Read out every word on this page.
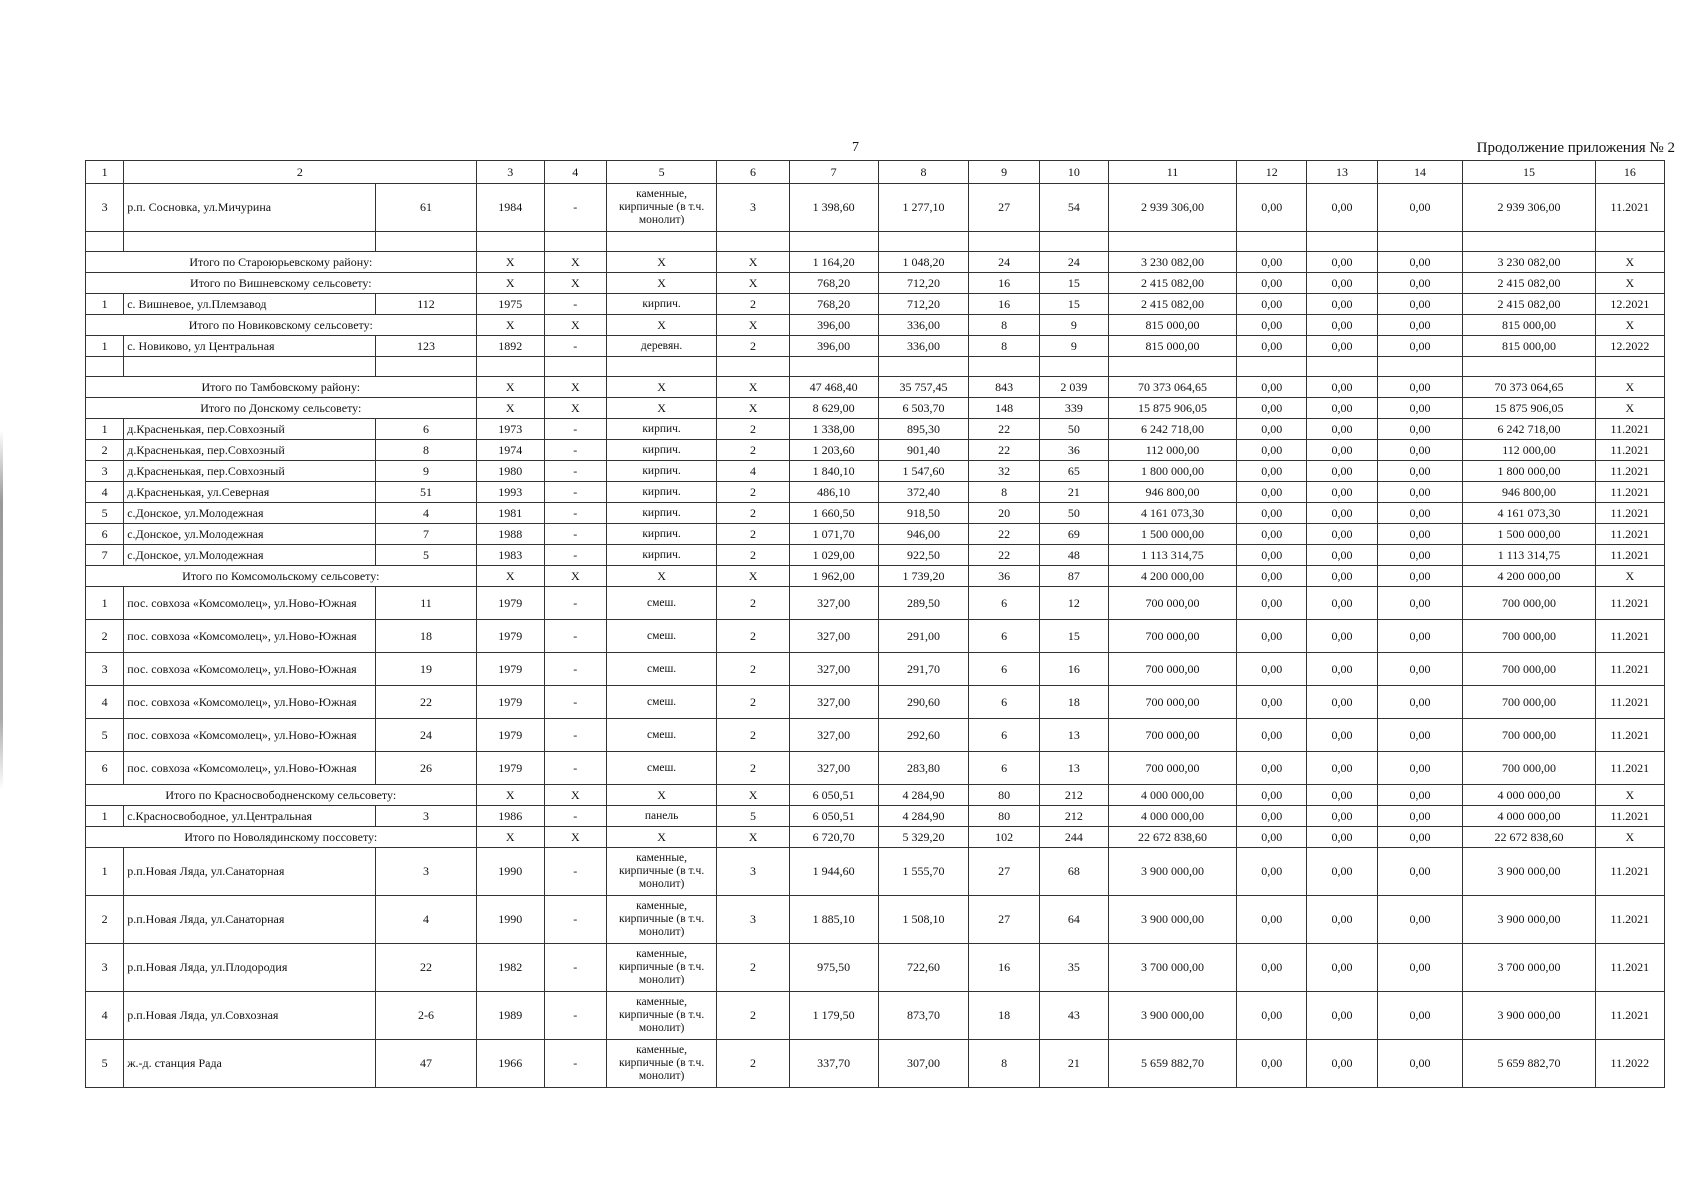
7	Продолжение приложения № 2
1	2		3	4	5	6	7	8	9	10	11	12	13	14	15	16
3	р.п. Сосновка, ул.Мичурина	61	1984	-	каменные, кирпичные (в т.ч. монолит)	3	1 398,60	1 277,10	27	54	2 939 306,00	0,00	0,00	0,00	2 939 306,00	11.2021

Итого по Староюрьевскому району:			X	X	X	X	1 164,20	1 048,20	24	24	3 230 082,00	0,00	0,00	0,00	3 230 082,00	X
Итого по Вишневскому сельсовету:			X	X	X	X	768,20	712,20	16	15	2 415 082,00	0,00	0,00	0,00	2 415 082,00	X
1	с. Вишневое, ул.Племзавод	112	1975	-	кирпич.	2	768,20	712,20	16	15	2 415 082,00	0,00	0,00	0,00	2 415 082,00	12.2021
Итого по Новиковскому сельсовету:			X	X	X	X	396,00	336,00	8	9	815 000,00	0,00	0,00	0,00	815 000,00	X
1	с. Новиково, ул Центральная	123	1892	-	деревян.	2	396,00	336,00	8	9	815 000,00	0,00	0,00	0,00	815 000,00	12.2022

Итого по Тамбовскому району:			X	X	X	X	47 468,40	35 757,45	843	2 039	70 373 064,65	0,00	0,00	0,00	70 373 064,65	X
Итого по Донскому сельсовету:			X	X	X	X	8 629,00	6 503,70	148	339	15 875 906,05	0,00	0,00	0,00	15 875 906,05	X
1	д.Красненькая, пер.Совхозный	6	1973	-	кирпич.	2	1 338,00	895,30	22	50	6 242 718,00	0,00	0,00	0,00	6 242 718,00	11.2021
2	д.Красненькая, пер.Совхозный	8	1974	-	кирпич.	2	1 203,60	901,40	22	36	112 000,00	0,00	0,00	0,00	112 000,00	11.2021
3	д.Красненькая, пер.Совхозный	9	1980	-	кирпич.	4	1 840,10	1 547,60	32	65	1 800 000,00	0,00	0,00	0,00	1 800 000,00	11.2021
4	д.Красненькая, ул.Северная	51	1993	-	кирпич.	2	486,10	372,40	8	21	946 800,00	0,00	0,00	0,00	946 800,00	11.2021
5	с.Донское, ул.Молодежная	4	1981	-	кирпич.	2	1 660,50	918,50	20	50	4 161 073,30	0,00	0,00	0,00	4 161 073,30	11.2021
6	с.Донское, ул.Молодежная	7	1988	-	кирпич.	2	1 071,70	946,00	22	69	1 500 000,00	0,00	0,00	0,00	1 500 000,00	11.2021
7	с.Донское, ул.Молодежная	5	1983	-	кирпич.	2	1 029,00	922,50	22	48	1 113 314,75	0,00	0,00	0,00	1 113 314,75	11.2021
Итого по Комсомольскому сельсовету:			X	X	X	X	1 962,00	1 739,20	36	87	4 200 000,00	0,00	0,00	0,00	4 200 000,00	X
1	пос. совхоза «Комсомолец», ул.Ново-Южная	11	1979	-	смеш.	2	327,00	289,50	6	12	700 000,00	0,00	0,00	0,00	700 000,00	11.2021
2	пос. совхоза «Комсомолец», ул.Ново-Южная	18	1979	-	смеш.	2	327,00	291,00	6	15	700 000,00	0,00	0,00	0,00	700 000,00	11.2021
3	пос. совхоза «Комсомолец», ул.Ново-Южная	19	1979	-	смеш.	2	327,00	291,70	6	16	700 000,00	0,00	0,00	0,00	700 000,00	11.2021
4	пос. совхоза «Комсомолец», ул.Ново-Южная	22	1979	-	смеш.	2	327,00	290,60	6	18	700 000,00	0,00	0,00	0,00	700 000,00	11.2021
5	пос. совхоза «Комсомолец», ул.Ново-Южная	24	1979	-	смеш.	2	327,00	292,60	6	13	700 000,00	0,00	0,00	0,00	700 000,00	11.2021
6	пос. совхоза «Комсомолец», ул.Ново-Южная	26	1979	-	смеш.	2	327,00	283,80	6	13	700 000,00	0,00	0,00	0,00	700 000,00	11.2021
Итого по Красносвободненскому сельсовету:			X	X	X	X	6 050,51	4 284,90	80	212	4 000 000,00	0,00	0,00	0,00	4 000 000,00	X
1	с.Красносвободное, ул.Центральная	3	1986	-	панель	5	6 050,51	4 284,90	80	212	4 000 000,00	0,00	0,00	0,00	4 000 000,00	11.2021
Итого по Новолядинскому поссовету:			X	X	X	X	6 720,70	5 329,20	102	244	22 672 838,60	0,00	0,00	0,00	22 672 838,60	X
1	р.п.Новая Ляда, ул.Санаторная	3	1990	-	каменные, кирпичные (в т.ч. монолит)	3	1 944,60	1 555,70	27	68	3 900 000,00	0,00	0,00	0,00	3 900 000,00	11.2021
2	р.п.Новая Ляда, ул.Санаторная	4	1990	-	каменные, кирпичные (в т.ч. монолит)	3	1 885,10	1 508,10	27	64	3 900 000,00	0,00	0,00	0,00	3 900 000,00	11.2021
3	р.п.Новая Ляда, ул.Плодородия	22	1982	-	каменные, кирпичные (в т.ч. монолит)	2	975,50	722,60	16	35	3 700 000,00	0,00	0,00	0,00	3 700 000,00	11.2021
4	р.п.Новая Ляда, ул.Совхозная	2-6	1989	-	каменные, кирпичные (в т.ч. монолит)	2	1 179,50	873,70	18	43	3 900 000,00	0,00	0,00	0,00	3 900 000,00	11.2021
5	ж.-д. станция Рада	47	1966	-	каменные, кирпичные (в т.ч. монолит)	2	337,70	307,00	8	21	5 659 882,70	0,00	0,00	0,00	5 659 882,70	11.2022
